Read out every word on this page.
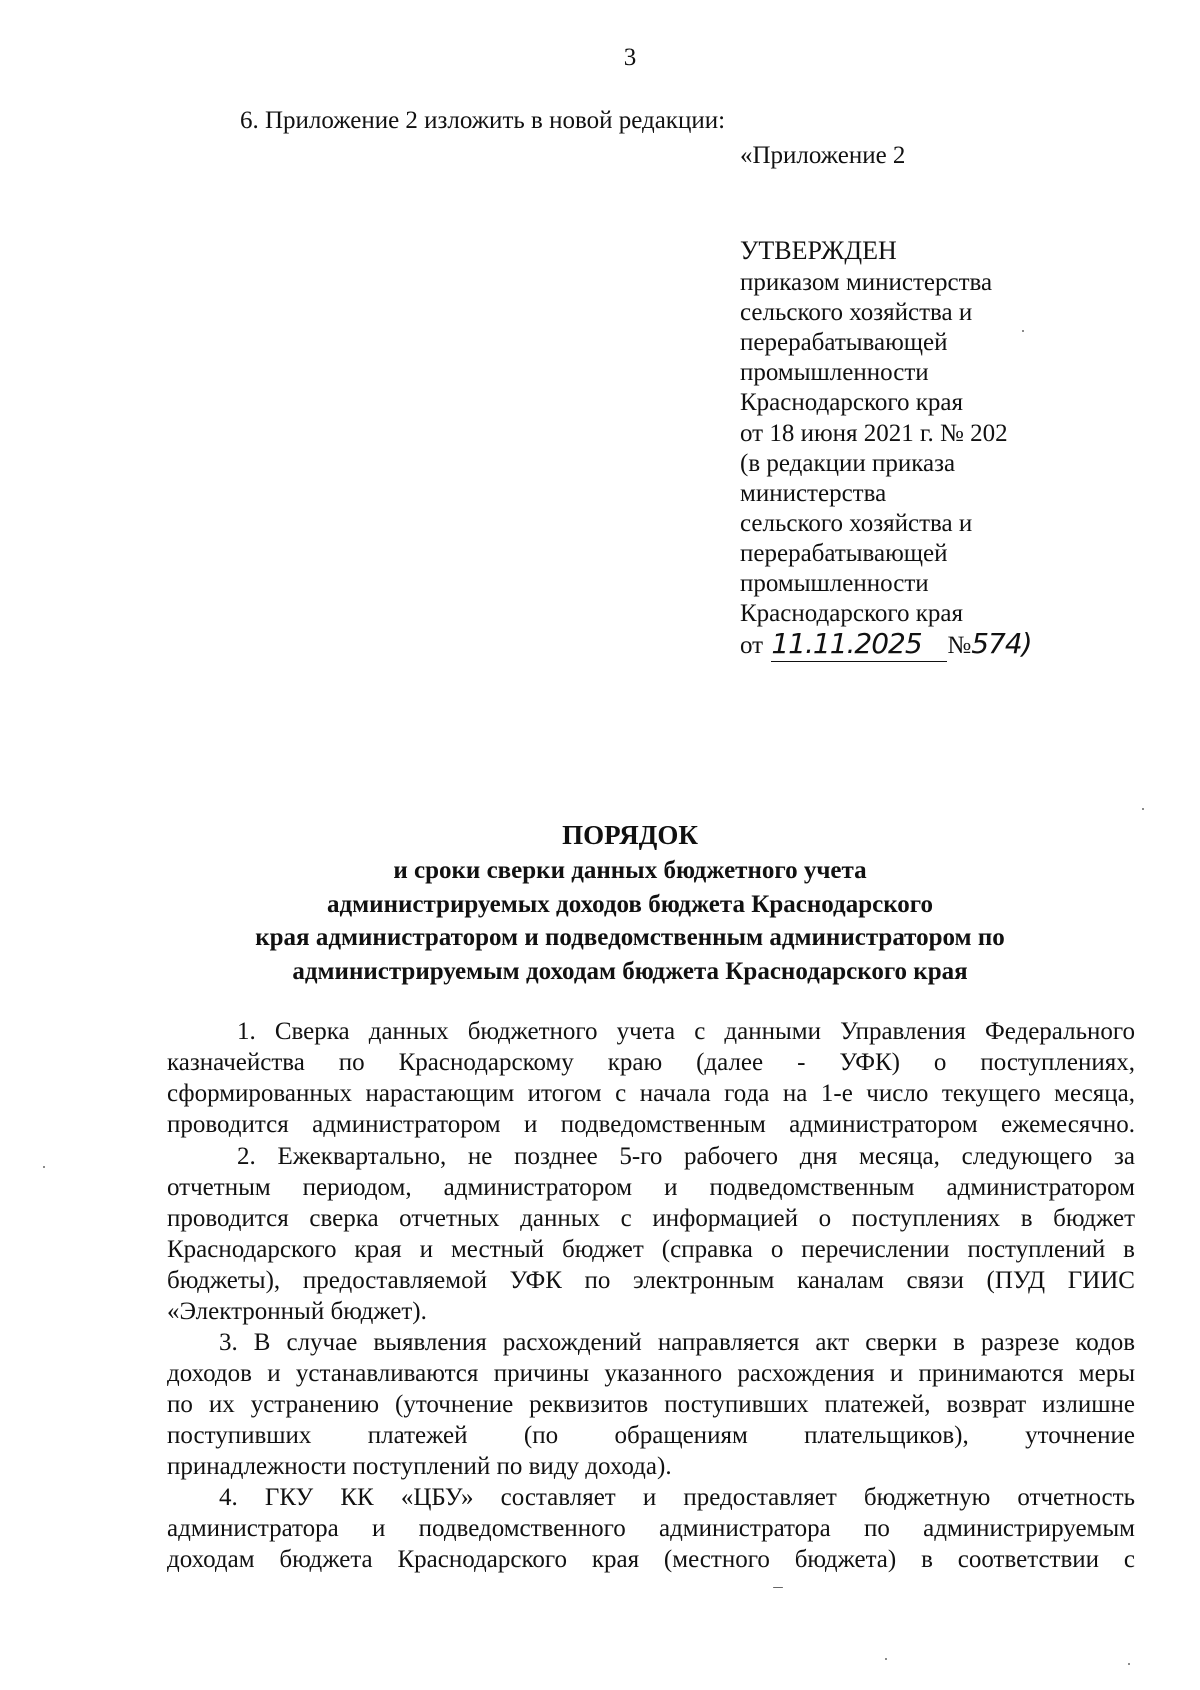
3
6. Приложение 2 изложить в новой редакции:
«Приложение 2
УТВЕРЖДЕН
приказом министерства
сельского хозяйства и
перерабатывающей
промышленности
Краснодарского края
от 18 июня 2021 г. № 202
(в редакции приказа
министерства
сельского хозяйства и
перерабатывающей
промышленности
Краснодарского края
от 11.11.2025 №574)
ПОРЯДОК
и сроки сверки данных бюджетного учета
администрируемых доходов бюджета Краснодарского
края администратором и подведомственным администратором по
администрируемым доходам бюджета Краснодарского края
1. Сверка данных бюджетного учета с данными Управления Федерального
казначейства по Краснодарскому краю (далее - УФК) о поступлениях,
сформированных нарастающим итогом с начала года на 1-е число текущего месяца,
проводится администратором и подведомственным администратором ежемесячно.
2. Ежеквартально, не позднее 5-го рабочего дня месяца, следующего за
отчетным периодом, администратором и подведомственным администратором
проводится сверка отчетных данных с информацией о поступлениях в бюджет
Краснодарского края и местный бюджет (справка о перечислении поступлений в
бюджеты), предоставляемой УФК по электронным каналам связи (ПУД ГИИС
«Электронный бюджет).
3. В случае выявления расхождений направляется акт сверки в разрезе кодов
доходов и устанавливаются причины указанного расхождения и принимаются меры
по их устранению (уточнение реквизитов поступивших платежей, возврат излишне
поступивших платежей (по обращениям плательщиков), уточнение
принадлежности поступлений по виду дохода).
4. ГКУ КК «ЦБУ» составляет и предоставляет бюджетную отчетность
администратора и подведомственного администратора по администрируемым
доходам бюджета Краснодарского края (местного бюджета) в соответствии с
